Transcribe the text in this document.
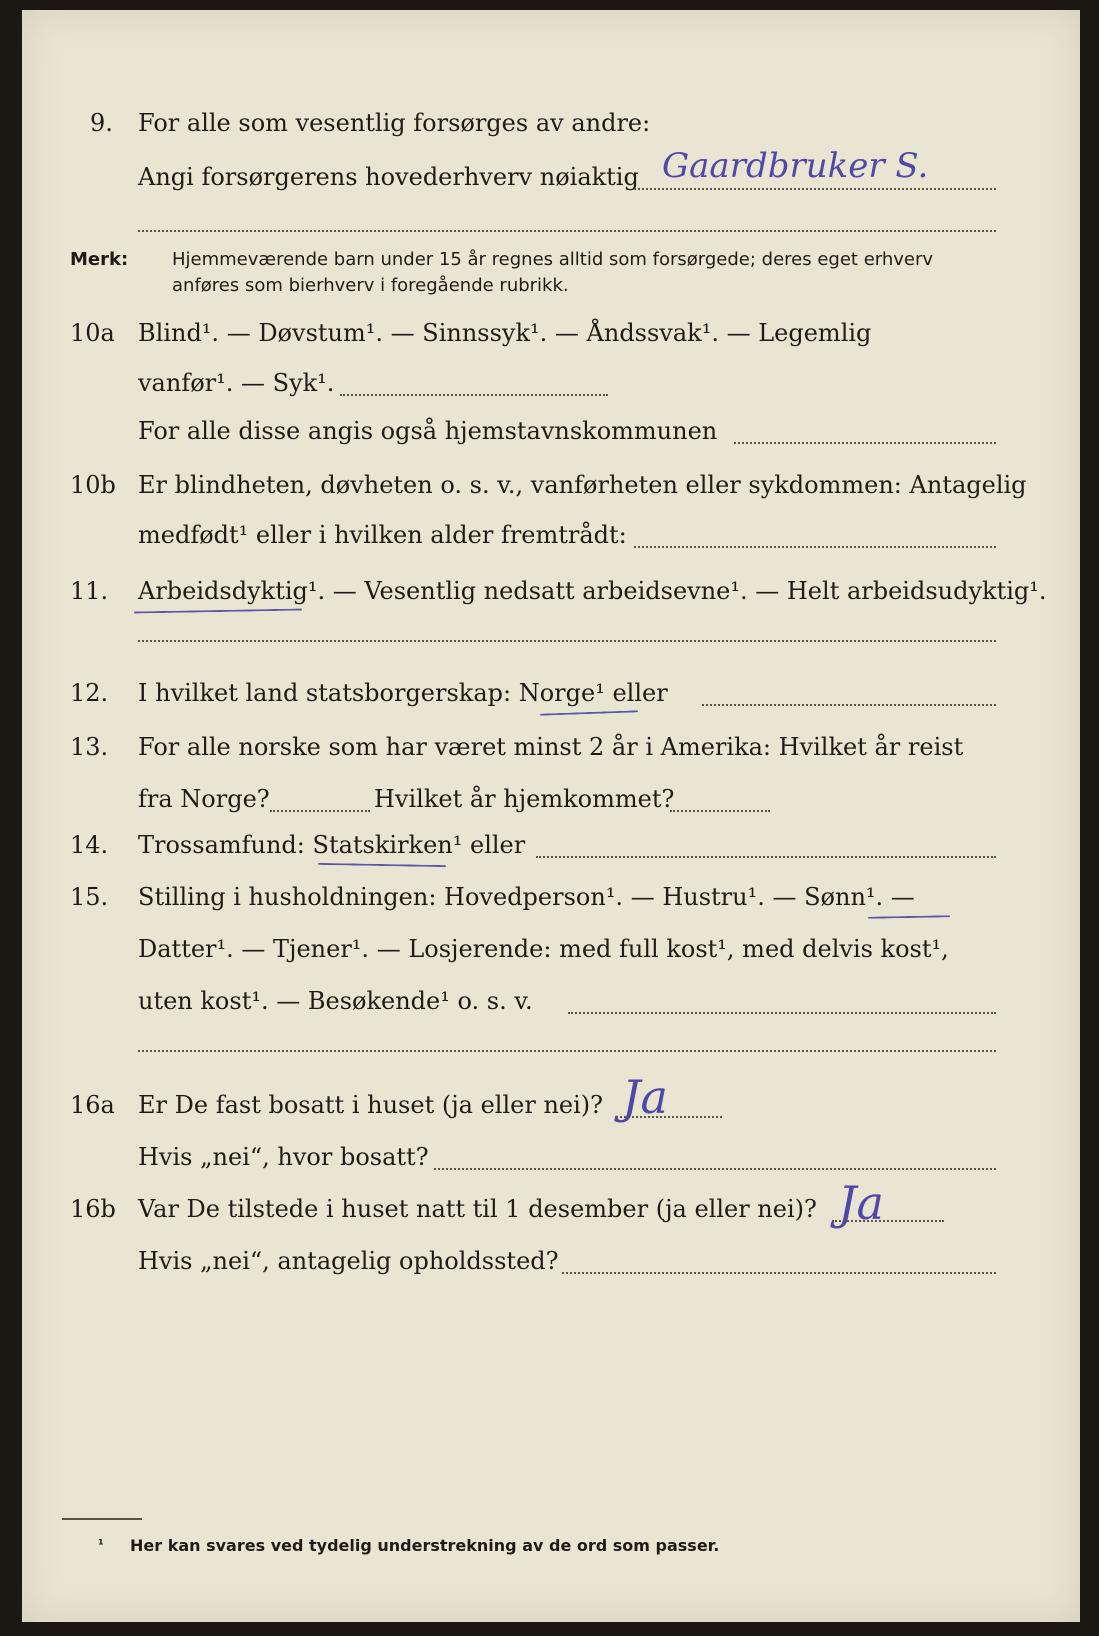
9. For alle som vesentlig forsørges av andre:
Angi forsørgerens hovederhverv nøiaktig Gaardbruker S.
Merk: Hjemmeværende barn under 15 år regnes alltid som forsørgede; deres eget erhverv
anføres som bierhverv i foregående rubrikk.
10a Blind¹. — Døvstum¹. — Sinnssyk¹. — Åndssvak¹. — Legemlig
vanfør¹. — Syk¹.
For alle disse angis også hjemstavnskommunen
10b Er blindheten, døvheten o. s. v., vanførheten eller sykdommen: Antagelig
medfødt¹ eller i hvilken alder fremtrådt:
11. Arbeidsdyktig¹. — Vesentlig nedsatt arbeidsevne¹. — Helt arbeidsudyktig¹.
12. I hvilket land statsborgerskap: Norge¹ eller
13. For alle norske som har været minst 2 år i Amerika: Hvilket år reist
fra Norge?	Hvilket år hjemkommet?
14. Trossamfund: Statskirken¹ eller
15. Stilling i husholdningen: Hovedperson¹. — Hustru¹. — Sønn¹. —
Datter¹. — Tjener¹. — Losjerende: med full kost¹, med delvis kost¹,
uten kost¹. — Besøkende¹ o. s. v.
16a Er De fast bosatt i huset (ja eller nei)? Ja
Hvis „nei“, hvor bosatt?
16b Var De tilstede i huset natt til 1 desember (ja eller nei)? Ja
Hvis „nei“, antagelig opholdssted?
¹ Her kan svares ved tydelig understrekning av de ord som passer.
